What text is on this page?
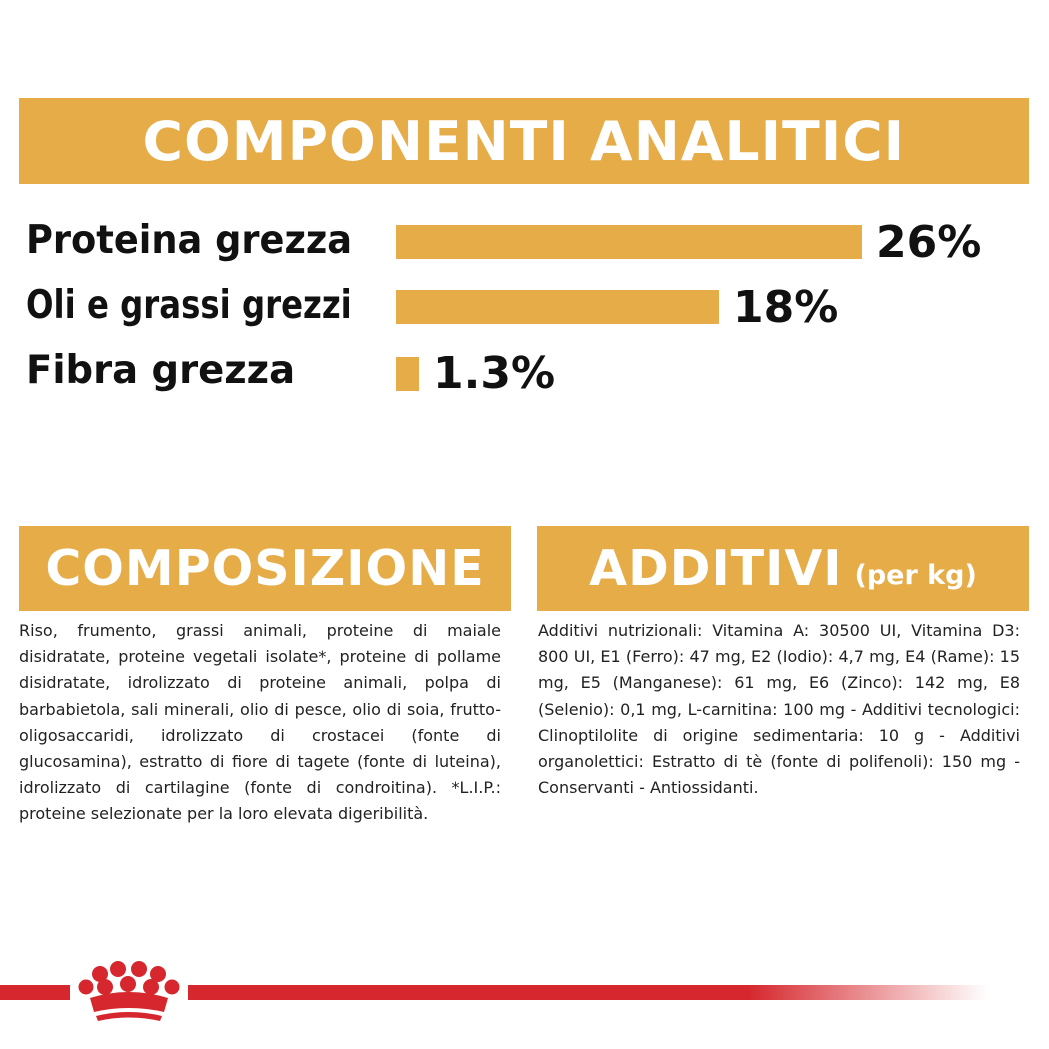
COMPONENTI ANALITICI
Proteina grezza	26%
Oli e grassi grezzi	18%
Fibra grezza	1.3%
COMPOSIZIONE
Riso, frumento, grassi animali, proteine di maiale disidratate, proteine vegetali isolate*, proteine di pollame disidratate, idrolizzato di proteine animali, polpa di barbabietola, sali minerali, olio di pesce, olio di soia, frutto-oligosaccaridi, idrolizzato di crostacei (fonte di glucosamina), estratto di fiore di tagete (fonte di luteina), idrolizzato di cartilagine (fonte di condroitina). *L.I.P.: proteine selezionate per la loro elevata digeribilità.
ADDITIVI (per kg)
Additivi nutrizionali: Vitamina A: 30500 UI, Vitamina D3: 800 UI, E1 (Ferro): 47 mg, E2 (Iodio): 4,7 mg, E4 (Rame): 15 mg, E5 (Manganese): 61 mg, E6 (Zinco): 142 mg, E8 (Selenio): 0,1 mg, L-carnitina: 100 mg - Additivi tecnologici: Clinoptilolite di origine sedimentaria: 10 g - Additivi organolettici: Estratto di tè (fonte di polifenoli): 150 mg - Conservanti - Antiossidanti.
